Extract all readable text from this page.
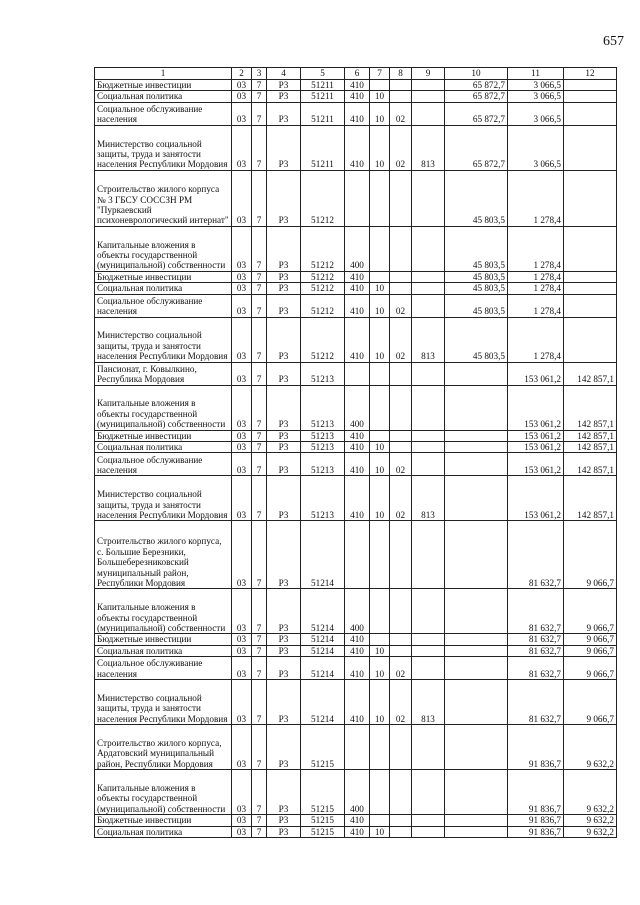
657
1	2	3	4	5	6	7	8	9	10	11	12
Бюджетные инвестиции	03	7	Р3	51211	410				65 872,7	3 066,5	
Социальная политика	03	7	Р3	51211	410	10			65 872,7	3 066,5	
Социальное обслуживание населения	03	7	Р3	51211	410	10	02		65 872,7	3 066,5	
Министерство социальной защиты, труда и занятости населения Республики Мордовия	03	7	Р3	51211	410	10	02	813	65 872,7	3 066,5	
Строительство жилого корпуса № 3 ГБСУ СОССЗН РМ "Пуркаевский психоневрологический интернат"	03	7	Р3	51212					45 803,5	1 278,4	
Капитальные вложения в объекты государственной (муниципальной) собственности	03	7	Р3	51212	400				45 803,5	1 278,4	
Бюджетные инвестиции	03	7	Р3	51212	410				45 803,5	1 278,4	
Социальная политика	03	7	Р3	51212	410	10			45 803,5	1 278,4	
Социальное обслуживание населения	03	7	Р3	51212	410	10	02		45 803,5	1 278,4	
Министерство социальной защиты, труда и занятости населения Республики Мордовия	03	7	Р3	51212	410	10	02	813	45 803,5	1 278,4	
Пансионат, г. Ковылкино, Республика Мордовия	03	7	Р3	51213						153 061,2	142 857,1
Капитальные вложения в объекты государственной (муниципальной) собственности	03	7	Р3	51213	400					153 061,2	142 857,1
Бюджетные инвестиции	03	7	Р3	51213	410					153 061,2	142 857,1
Социальная политика	03	7	Р3	51213	410	10				153 061,2	142 857,1
Социальное обслуживание населения	03	7	Р3	51213	410	10	02			153 061,2	142 857,1
Министерство социальной защиты, труда и занятости населения Республики Мордовия	03	7	Р3	51213	410	10	02	813		153 061,2	142 857,1
Строительство жилого корпуса, с. Большие Березники, Большеберезниковский муниципальный район, Республики Мордовия	03	7	Р3	51214						81 632,7	9 066,7
Капитальные вложения в объекты государственной (муниципальной) собственности	03	7	Р3	51214	400					81 632,7	9 066,7
Бюджетные инвестиции	03	7	Р3	51214	410					81 632,7	9 066,7
Социальная политика	03	7	Р3	51214	410	10				81 632,7	9 066,7
Социальное обслуживание населения	03	7	Р3	51214	410	10	02			81 632,7	9 066,7
Министерство социальной защиты, труда и занятости населения Республики Мордовия	03	7	Р3	51214	410	10	02	813		81 632,7	9 066,7
Строительство жилого корпуса, Ардатовский муниципальный район, Республики Мордовия	03	7	Р3	51215						91 836,7	9 632,2
Капитальные вложения в объекты государственной (муниципальной) собственности	03	7	Р3	51215	400					91 836,7	9 632,2
Бюджетные инвестиции	03	7	Р3	51215	410					91 836,7	9 632,2
Социальная политика	03	7	Р3	51215	410	10				91 836,7	9 632,2
